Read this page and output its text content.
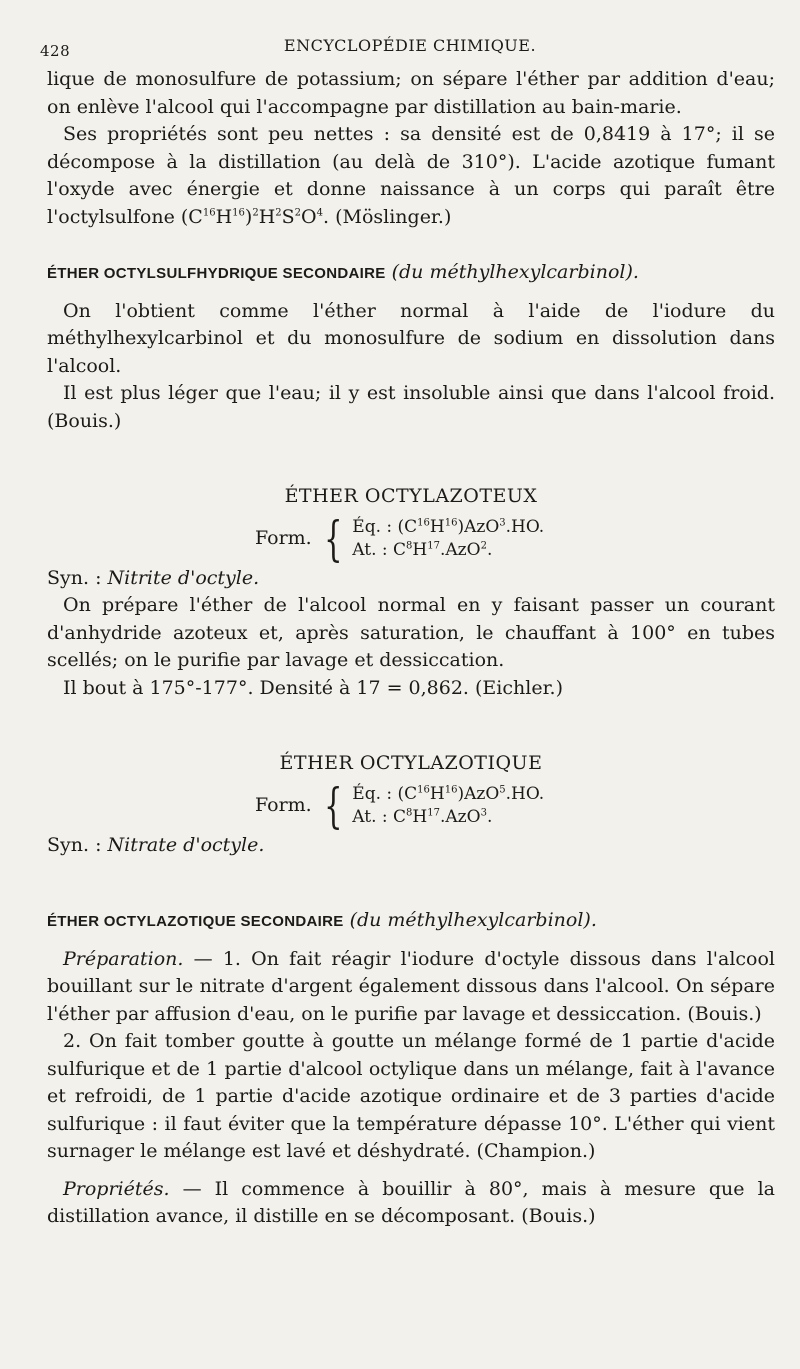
428	ENCYCLOPÉDIE CHIMIQUE.

lique de monosulfure de potassium; on sépare l'éther par addition d'eau; on enlève l'alcool qui l'accompagne par distillation au bain-marie.

Ses propriétés sont peu nettes : sa densité est de 0,8419 à 17°; il se décompose à la distillation (au delà de 310°). L'acide azotique fumant l'oxyde avec énergie et donne naissance à un corps qui paraît être l'octylsulfone $(C^{16}H^{16})^2H^2S^2O^4$. (Möslinger.)

ÉTHER OCTYLSULFHYDRIQUE SECONDAIRE (du méthylhexylcarbinol).

On l'obtient comme l'éther normal à l'aide de l'iodure du méthylhexylcarbinol et du monosulfure de sodium en dissolution dans l'alcool.

Il est plus léger que l'eau; il y est insoluble ainsi que dans l'alcool froid. (Bouis.)

ÉTHER OCTYLAZOTEUX
Form. { Éq. : $(C^{16}H^{16})AzO^3.HO$.
At. : $C^8H^{17}.AzO^2$.

Syn. : Nitrite d'octyle.

On prépare l'éther de l'alcool normal en y faisant passer un courant d'anhydride azoteux et, après saturation, le chauffant à 100° en tubes scellés; on le purifie par lavage et dessiccation.

Il bout à 175°-177°. Densité à 17 = 0,862. (Eichler.)

ÉTHER OCTYLAZOTIQUE
Form. { Éq. : $(C^{16}H^{16})AzO^5.HO$.
At. : $C^8H^{17}.AzO^3$.

Syn. : Nitrate d'octyle.

ÉTHER OCTYLAZOTIQUE SECONDAIRE (du méthylhexylcarbinol).

Préparation. — 1. On fait réagir l'iodure d'octyle dissous dans l'alcool bouillant sur le nitrate d'argent également dissous dans l'alcool. On sépare l'éther par affusion d'eau, on le purifie par lavage et dessiccation. (Bouis.)

2. On fait tomber goutte à goutte un mélange formé de 1 partie d'acide sulfurique et de 1 partie d'alcool octylique dans un mélange, fait à l'avance et refroidi, de 1 partie d'acide azotique ordinaire et de 3 parties d'acide sulfurique : il faut éviter que la température dépasse 10°. L'éther qui vient surnager le mélange est lavé et déshydraté. (Champion.)

Propriétés. — Il commence à bouillir à 80°, mais à mesure que la distillation avance, il distille en se décomposant. (Bouis.)
